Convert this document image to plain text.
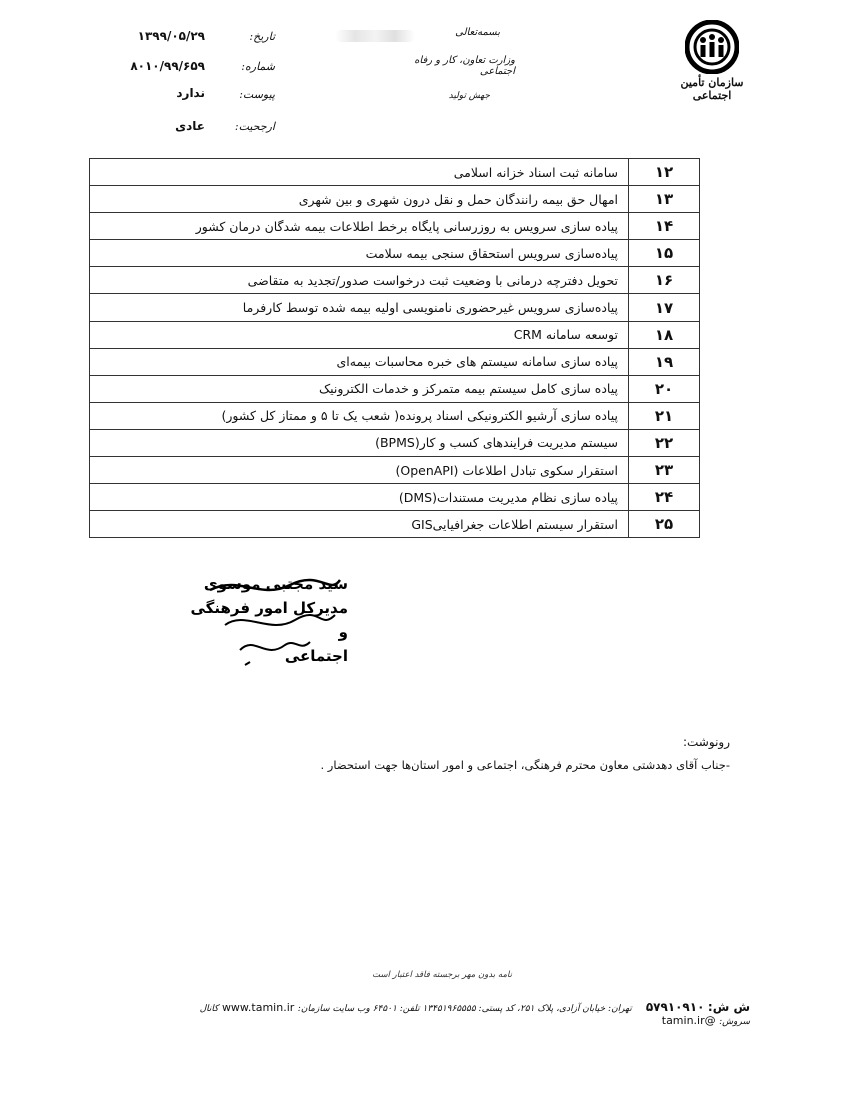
سازمان تأمین اجتماعی
بسمه‌تعالی
وزارت تعاون، کار و رفاه اجتماعی
جهش تولید
تاریخ:
۱۳۹۹/۰۵/۲۹
شماره:
۸۰۱۰/۹۹/۶۵۹
پیوست:
ندارد
ارجحیت:
عادی
سامانه ثبت اسناد خزانه اسلامی	۱۲
امهال حق بیمه رانندگان حمل و نقل درون شهری و بین شهری	۱۳
پیاده سازی سرویس به روزرسانی پایگاه برخط اطلاعات بیمه شدگان درمان کشور	۱۴
پیاده‌سازی سرویس استحقاق سنجی بیمه سلامت	۱۵
تحویل دفترچه درمانی با وضعیت ثبت درخواست صدور/تجدید به متقاضی	۱۶
پیاده‌سازی سرویس غیرحضوری نامنویسی اولیه بیمه شده توسط کارفرما	۱۷
توسعه سامانه CRM	۱۸
پیاده سازی سامانه سیستم های خبره محاسبات بیمه‌ای	۱۹
پیاده سازی کامل سیستم بیمه متمرکز و خدمات الکترونیک	۲۰
پیاده سازی آرشیو الکترونیکی اسناد پرونده( شعب یک تا ۵ و ممتاز کل کشور)	۲۱
سیستم مدیریت فرایندهای کسب و کار(BPMS)	۲۲
استقرار سکوی تبادل اطلاعات (OpenAPI)	۲۳
پیاده سازی نظام مدیریت مستندات(DMS)	۲۴
استقرار سیستم اطلاعات جغرافیاییGIS	۲۵
سید مجتبی موسوی
مدیرکل امور فرهنگی و
اجتماعی
رونوشت:
-جناب آقای دهدشتی معاون محترم فرهنگی، اجتماعی و امور استان‌ها جهت استحضار .
نامه بدون مهر برجسته فاقد اعتبار است
ش ش: ۵۷۹۱۰۹۱۰    تهران: خیابان آزادی، پلاک ۲۵۱، کد پستی: ۱۳۴۵۱۹۶۵۵۵۵ تلفن: ۶۴۵۰۱ وب سایت سازمان: www.tamin.ir کانال سروش: @tamin.ir
